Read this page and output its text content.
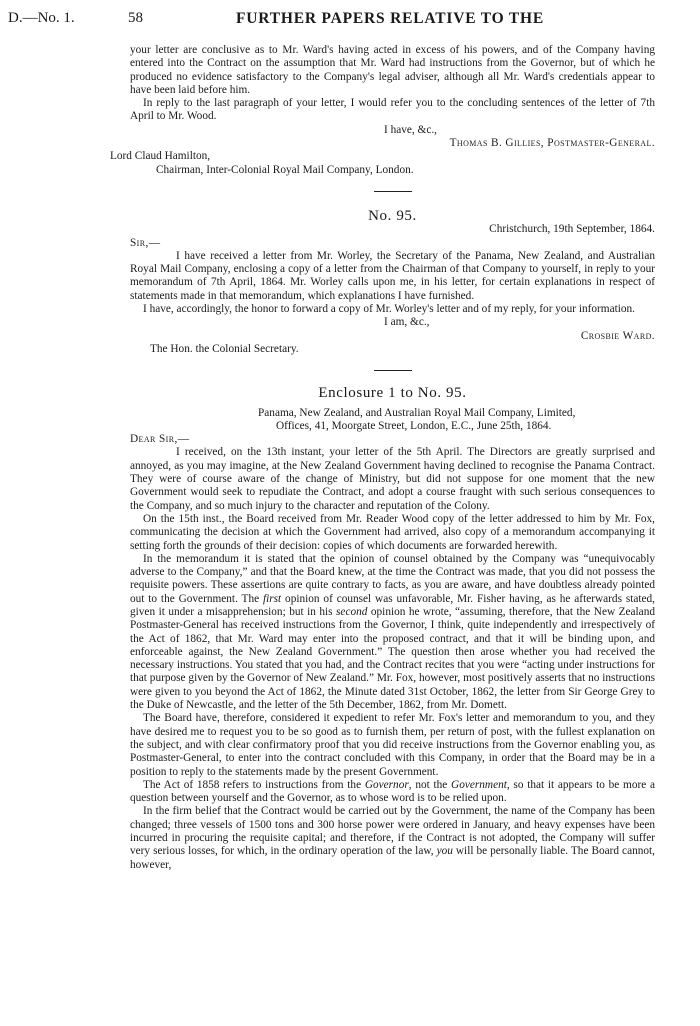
D.—No. 1.	58	FURTHER PAPERS RELATIVE TO THE

your letter are conclusive as to Mr. Ward's having acted in excess of his powers, and of the Company having entered into the Contract on the assumption that Mr. Ward had instructions from the Governor, but of which he produced no evidence satisfactory to the Company's legal adviser, although all Mr. Ward's credentials appear to have been laid before him.

In reply to the last paragraph of your letter, I would refer you to the concluding sentences of the letter of 7th April to Mr. Wood.

I have, &c.,

Thomas B. Gillies, Postmaster-General.

Lord Claud Hamilton,

Chairman, Inter-Colonial Royal Mail Company, London.

No. 95.

Christchurch, 19th September, 1864.

Sir,—

I have received a letter from Mr. Worley, the Secretary of the Panama, New Zealand, and Australian Royal Mail Company, enclosing a copy of a letter from the Chairman of that Company to yourself, in reply to your memorandum of 7th April, 1864. Mr. Worley calls upon me, in his letter, for certain explanations in respect of statements made in that memorandum, which explanations I have furnished.

I have, accordingly, the honor to forward a copy of Mr. Worley's letter and of my reply, for your information.

I am, &c.,

Crosbie Ward.

The Hon. the Colonial Secretary.

Enclosure 1 to No. 95.

Panama, New Zealand, and Australian Royal Mail Company, Limited,

Offices, 41, Moorgate Street, London, E.C., June 25th, 1864.

Dear Sir,—

I received, on the 13th instant, your letter of the 5th April. The Directors are greatly surprised and annoyed, as you may imagine, at the New Zealand Government having declined to recognise the Panama Contract. They were of course aware of the change of Ministry, but did not suppose for one moment that the new Government would seek to repudiate the Contract, and adopt a course fraught with such serious consequences to the Company, and so much injury to the character and reputation of the Colony.

On the 15th inst., the Board received from Mr. Reader Wood copy of the letter addressed to him by Mr. Fox, communicating the decision at which the Government had arrived, also copy of a memorandum accompanying it setting forth the grounds of their decision: copies of which documents are forwarded herewith.

In the memorandum it is stated that the opinion of counsel obtained by the Company was “unequivocably adverse to the Company,” and that the Board knew, at the time the Contract was made, that you did not possess the requisite powers. These assertions are quite contrary to facts, as you are aware, and have doubtless already pointed out to the Government. The first opinion of counsel was unfavorable, Mr. Fisher having, as he afterwards stated, given it under a misapprehension; but in his second opinion he wrote, “assuming, therefore, that the New Zealand Postmaster-General has received instructions from the Governor, I think, quite independently and irrespectively of the Act of 1862, that Mr. Ward may enter into the proposed contract, and that it will be binding upon, and enforceable against, the New Zealand Government.” The question then arose whether you had received the necessary instructions. You stated that you had, and the Contract recites that you were “acting under instructions for that purpose given by the Governor of New Zealand.” Mr. Fox, however, most positively asserts that no instructions were given to you beyond the Act of 1862, the Minute dated 31st October, 1862, the letter from Sir George Grey to the Duke of Newcastle, and the letter of the 5th December, 1862, from Mr. Domett.

The Board have, therefore, considered it expedient to refer Mr. Fox's letter and memorandum to you, and they have desired me to request you to be so good as to furnish them, per return of post, with the fullest explanation on the subject, and with clear confirmatory proof that you did receive instructions from the Governor enabling you, as Postmaster-General, to enter into the contract concluded with this Company, in order that the Board may be in a position to reply to the statements made by the present Government.

The Act of 1858 refers to instructions from the Governor, not the Government, so that it appears to be more a question between yourself and the Governor, as to whose word is to be relied upon.

In the firm belief that the Contract would be carried out by the Government, the name of the Company has been changed; three vessels of 1500 tons and 300 horse power were ordered in January, and heavy expenses have been incurred in procuring the requisite capital; and therefore, if the Contract is not adopted, the Company will suffer very serious losses, for which, in the ordinary operation of the law, you will be personally liable. The Board cannot, however,
